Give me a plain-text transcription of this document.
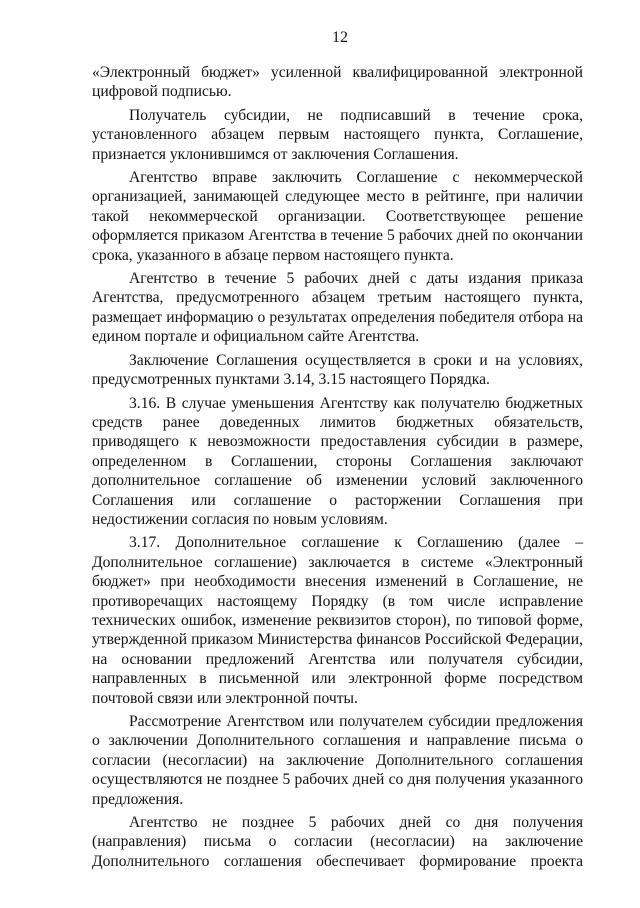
12

«Электронный бюджет» усиленной квалифицированной электронной цифровой подписью.

Получатель субсидии, не подписавший в течение срока, установленного абзацем первым настоящего пункта, Соглашение, признается уклонившимся от заключения Соглашения.

Агентство вправе заключить Соглашение с некоммерческой организацией, занимающей следующее место в рейтинге, при наличии такой некоммерческой организации. Соответствующее решение оформляется приказом Агентства в течение 5 рабочих дней по окончании срока, указанного в абзаце первом настоящего пункта.

Агентство в течение 5 рабочих дней с даты издания приказа Агентства, предусмотренного абзацем третьим настоящего пункта, размещает информацию о результатах определения победителя отбора на едином портале и официальном сайте Агентства.

Заключение Соглашения осуществляется в сроки и на условиях, предусмотренных пунктами 3.14, 3.15 настоящего Порядка.

3.16. В случае уменьшения Агентству как получателю бюджетных средств ранее доведенных лимитов бюджетных обязательств, приводящего к невозможности предоставления субсидии в размере, определенном в Соглашении, стороны Соглашения заключают дополнительное соглашение об изменении условий заключенного Соглашения или соглашение о расторжении Соглашения при недостижении согласия по новым условиям.

3.17. Дополнительное соглашение к Соглашению (далее – Дополнительное соглашение) заключается в системе «Электронный бюджет» при необходимости внесения изменений в Соглашение, не противоречащих настоящему Порядку (в том числе исправление технических ошибок, изменение реквизитов сторон), по типовой форме, утвержденной приказом Министерства финансов Российской Федерации, на основании предложений Агентства или получателя субсидии, направленных в письменной или электронной форме посредством почтовой связи или электронной почты.

Рассмотрение Агентством или получателем субсидии предложения о заключении Дополнительного соглашения и направление письма о согласии (несогласии) на заключение Дополнительного соглашения осуществляются не позднее 5 рабочих дней со дня получения указанного предложения.

Агентство не позднее 5 рабочих дней со дня получения (направления) письма о согласии (несогласии) на заключение Дополнительного соглашения обеспечивает формирование проекта
